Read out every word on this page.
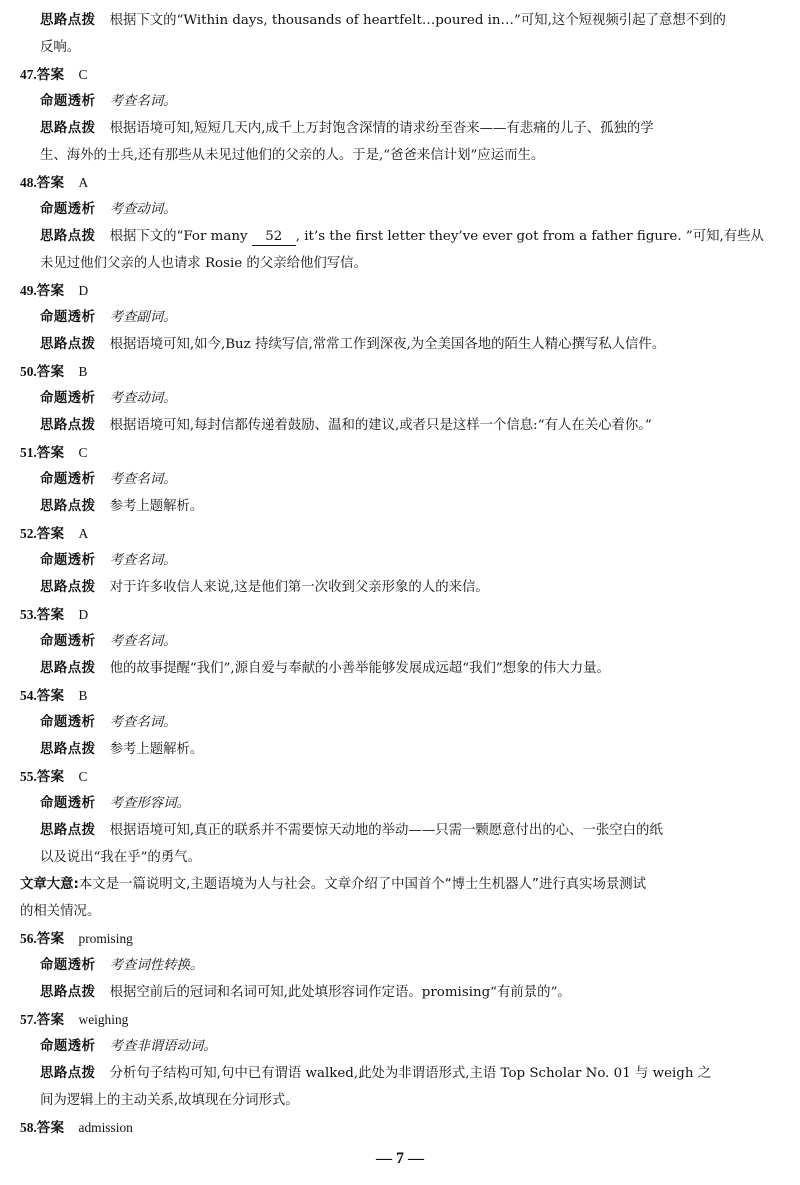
思路点拨 根据下文的“Within days, thousands of heartfelt…poured in…”可知,这个短视频引起了意想不到的
反响。
47.答案 C
命题透析 考查名词。
思路点拨 根据语境可知,短短几天内,成千上万封饱含深情的请求纷至沓来——有悲痛的儿子、孤独的学
生、海外的士兵,还有那些从未见过他们的父亲的人。于是,“爸爸来信计划”应运而生。
48.答案 A
命题透析 考查动词。
思路点拨 根据下文的“For many 52 , it’s the first letter they’ve ever got from a father figure. ”可知,有些从
未见过他们父亲的人也请求 Rosie 的父亲给他们写信。
49.答案 D
命题透析 考查副词。
思路点拨 根据语境可知,如今,Buz 持续写信,常常工作到深夜,为全美国各地的陌生人精心撰写私人信件。
50.答案 B
命题透析 考查动词。
思路点拨 根据语境可知,每封信都传递着鼓励、温和的建议,或者只是这样一个信息:“有人在关心着你。”
51.答案 C
命题透析 考查名词。
思路点拨 参考上题解析。
52.答案 A
命题透析 考查名词。
思路点拨 对于许多收信人来说,这是他们第一次收到父亲形象的人的来信。
53.答案 D
命题透析 考查名词。
思路点拨 他的故事提醒“我们”,源自爱与奉献的小善举能够发展成远超“我们”想象的伟大力量。
54.答案 B
命题透析 考查名词。
思路点拨 参考上题解析。
55.答案 C
命题透析 考查形容词。
思路点拨 根据语境可知,真正的联系并不需要惊天动地的举动——只需一颗愿意付出的心、一张空白的纸
以及说出“我在乎”的勇气。
文章大意:本文是一篇说明文,主题语境为人与社会。文章介绍了中国首个“博士生机器人”进行真实场景测试
的相关情况。
56.答案 promising
命题透析 考查词性转换。
思路点拨 根据空前后的冠词和名词可知,此处填形容词作定语。promising“有前景的”。
57.答案 weighing
命题透析 考查非谓语动词。
思路点拨 分析句子结构可知,句中已有谓语 walked,此处为非谓语形式,主语 Top Scholar No. 01 与 weigh 之
间为逻辑上的主动关系,故填现在分词形式。
58.答案 admission
— 7 —
